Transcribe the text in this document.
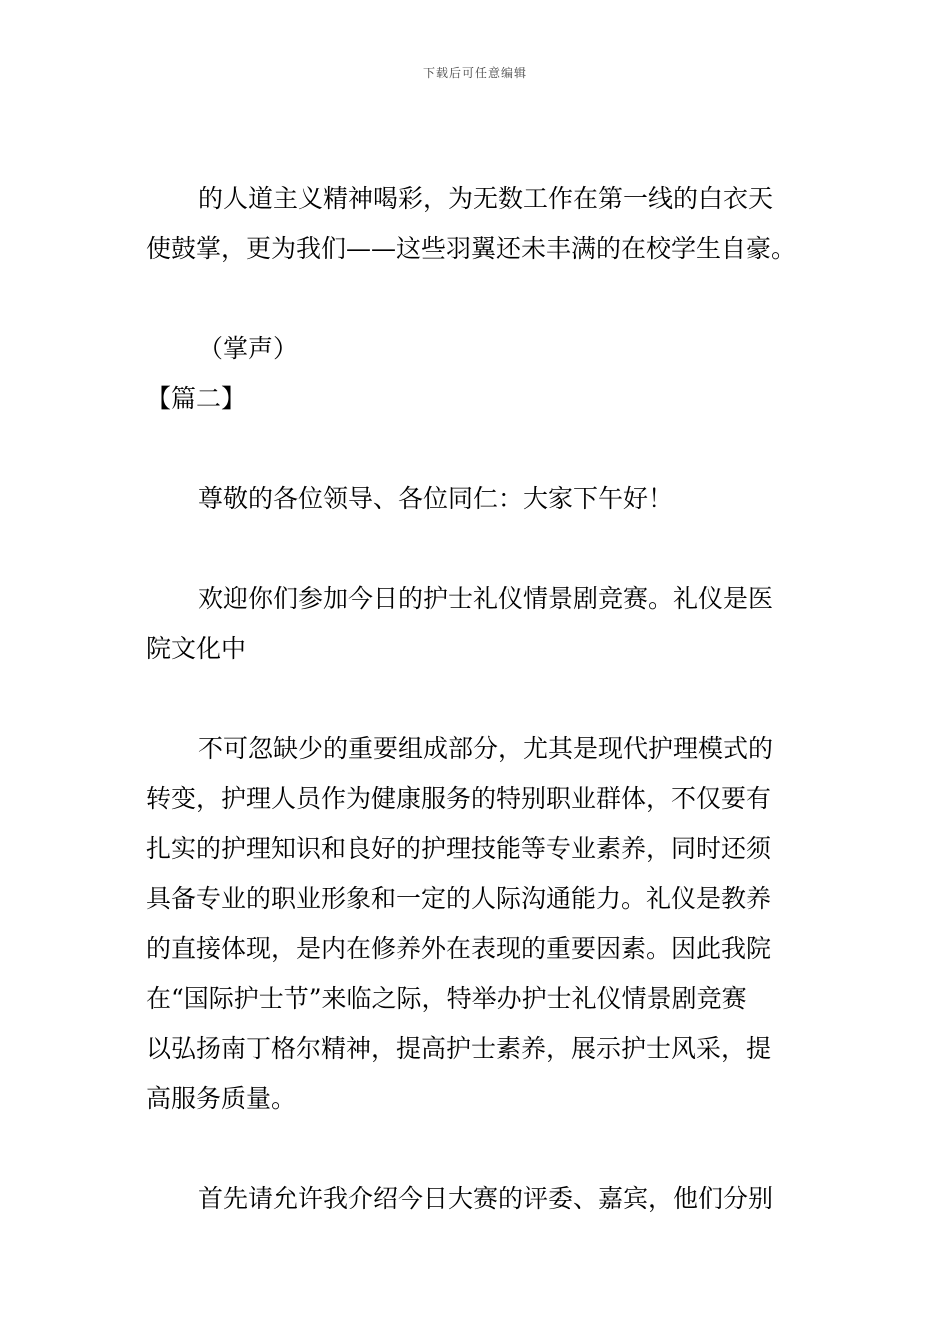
下载后可任意编辑
的人道主义精神喝彩，为无数工作在第一线的白衣天
使鼓掌，更为我们——这些羽翼还未丰满的在校学生自豪。
（掌声）
【篇二】
尊敬的各位领导、各位同仁：大家下午好！
欢迎你们参加今日的护士礼仪情景剧竞赛。礼仪是医
院文化中
不可忽缺少的重要组成部分，尤其是现代护理模式的
转变，护理人员作为健康服务的特别职业群体，不仅要有
扎实的护理知识和良好的护理技能等专业素养，同时还须
具备专业的职业形象和一定的人际沟通能力。礼仪是教养
的直接体现，是内在修养外在表现的重要因素。因此我院
在“国际护士节”来临之际，特举办护士礼仪情景剧竞赛
以弘扬南丁格尔精神，提高护士素养，展示护士风采，提
高服务质量。
首先请允许我介绍今日大赛的评委、嘉宾，他们分别
